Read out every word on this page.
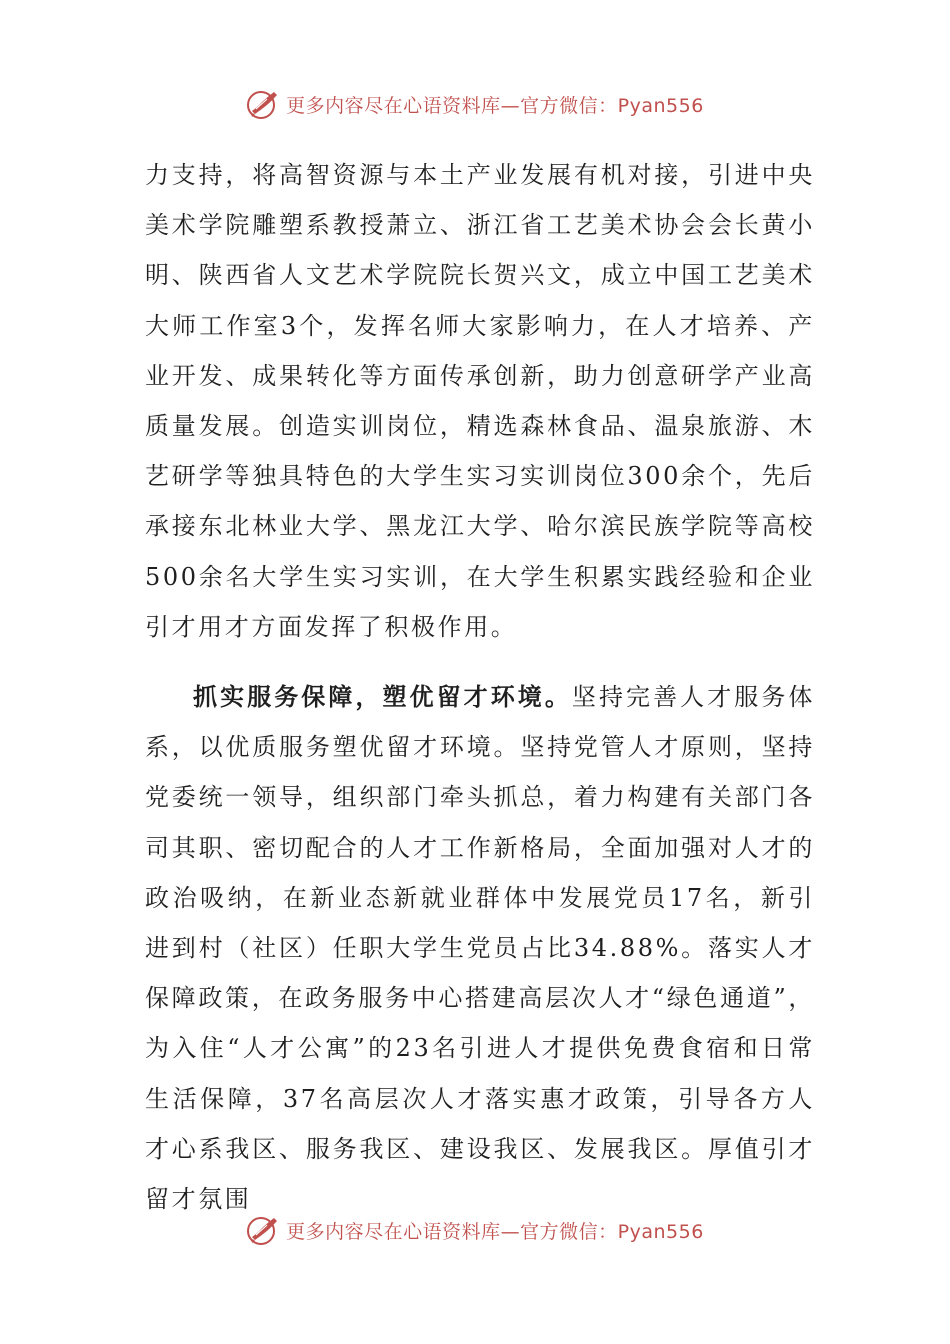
更多内容尽在心语资料库—官方微信：Pyan556

力支持，将高智资源与本土产业发展有机对接，引进中央美术学院雕塑系教授萧立、浙江省工艺美术协会会长黄小明、陕西省人文艺术学院院长贺兴文，成立中国工艺美术大师工作室3个，发挥名师大家影响力，在人才培养、产业开发、成果转化等方面传承创新，助力创意研学产业高质量发展。创造实训岗位，精选森林食品、温泉旅游、木艺研学等独具特色的大学生实习实训岗位300余个，先后承接东北林业大学、黑龙江大学、哈尔滨民族学院等高校500余名大学生实习实训，在大学生积累实践经验和企业引才用才方面发挥了积极作用。

抓实服务保障，塑优留才环境。坚持完善人才服务体系，以优质服务塑优留才环境。坚持党管人才原则，坚持党委统一领导，组织部门牵头抓总，着力构建有关部门各司其职、密切配合的人才工作新格局，全面加强对人才的政治吸纳，在新业态新就业群体中发展党员17名，新引进到村（社区）任职大学生党员占比34.88%。落实人才保障政策，在政务服务中心搭建高层次人才“绿色通道”，为入住“人才公寓”的23名引进人才提供免费食宿和日常生活保障，37名高层次人才落实惠才政策，引导各方人才心系我区、服务我区、建设我区、发展我区。厚值引才留才氛围

更多内容尽在心语资料库—官方微信：Pyan556
